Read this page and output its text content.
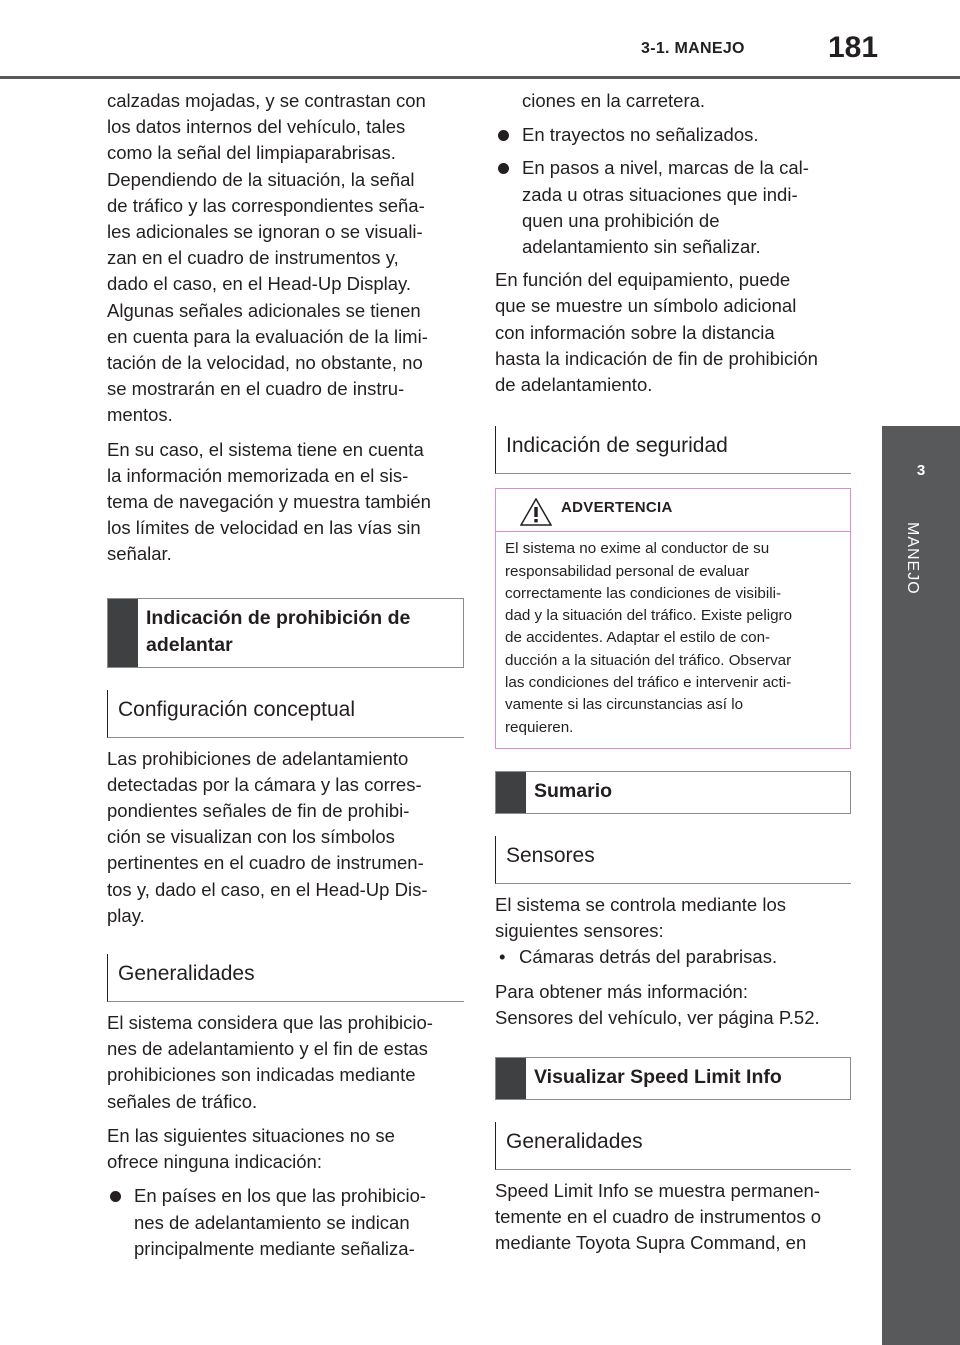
3-1. MANEJO	181
3
MANEJO

calzadas mojadas, y se contrastan con
los datos internos del vehículo, tales
como la señal del limpiaparabrisas.
Dependiendo de la situación, la señal
de tráfico y las correspondientes seña-
les adicionales se ignoran o se visuali-
zan en el cuadro de instrumentos y,
dado el caso, en el Head-Up Display.
Algunas señales adicionales se tienen
en cuenta para la evaluación de la limi-
tación de la velocidad, no obstante, no
se mostrarán en el cuadro de instru-
mentos.

En su caso, el sistema tiene en cuenta
la información memorizada en el sis-
tema de navegación y muestra también
los límites de velocidad en las vías sin
señalar.

Indicación de prohibición de
adelantar
Configuración conceptual

Las prohibiciones de adelantamiento
detectadas por la cámara y las corres-
pondientes señales de fin de prohibi-
ción se visualizan con los símbolos
pertinentes en el cuadro de instrumen-
tos y, dado el caso, en el Head-Up Dis-
play.

Generalidades

El sistema considera que las prohibicio-
nes de adelantamiento y el fin de estas
prohibiciones son indicadas mediante
señales de tráfico.

En las siguientes situaciones no se
ofrece ninguna indicación:

En países en los que las prohibicio-
nes de adelantamiento se indican
principalmente mediante señaliza-

ciones en la carretera.

En trayectos no señalizados.
En pasos a nivel, marcas de la cal-
zada u otras situaciones que indi-
quen una prohibición de
adelantamiento sin señalizar.

En función del equipamiento, puede
que se muestre un símbolo adicional
con información sobre la distancia
hasta la indicación de fin de prohibición
de adelantamiento.

Indicación de seguridad
ADVERTENCIA
El sistema no exime al conductor de su
responsabilidad personal de evaluar
correctamente las condiciones de visibili-
dad y la situación del tráfico. Existe peligro
de accidentes. Adaptar el estilo de con-
ducción a la situación del tráfico. Observar
las condiciones del tráfico e intervenir acti-
vamente si las circunstancias así lo
requieren.
Sumario
Sensores

El sistema se controla mediante los
siguientes sensores:

• Cámaras detrás del parabrisas.

Para obtener más información:
Sensores del vehículo, ver página P.52.

Visualizar Speed Limit Info
Generalidades

Speed Limit Info se muestra permanen-
temente en el cuadro de instrumentos o
mediante Toyota Supra Command, en
